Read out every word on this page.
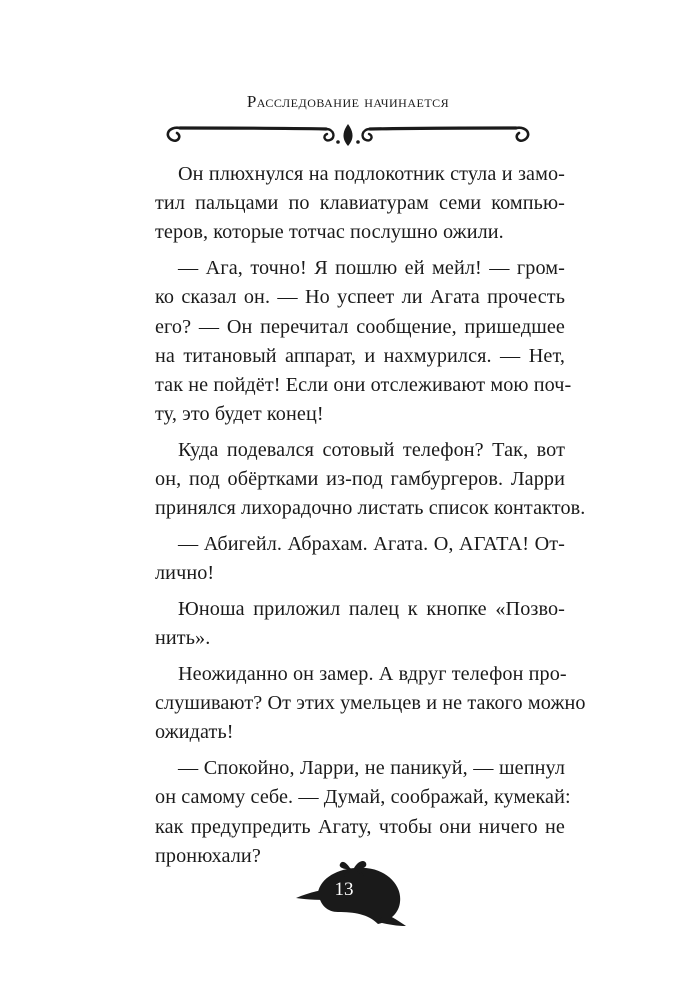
Расследование начинается
Он плюхнулся на подлокотник стула и замо-
тил пальцами по клавиатурам семи компью-
теров, которые тотчас послушно ожили.
— Ага, точно! Я пошлю ей мейл! — гром-
ко сказал он. — Но успеет ли Агата прочесть
его? — Он перечитал сообщение, пришедшее
на титановый аппарат, и нахмурился. — Нет,
так не пойдёт! Если они отслеживают мою поч-
ту, это будет конец!
Куда подевался сотовый телефон? Так, вот
он, под обёртками из-под гамбургеров. Ларри
принялся лихорадочно листать список контактов.
— Абигейл. Абрахам. Агата. О, АГАТА! От-
лично!
Юноша приложил палец к кнопке «Позво-
нить».
Неожиданно он замер. А вдруг телефон про-
слушивают? От этих умельцев и не такого можно
ожидать!
— Спокойно, Ларри, не паникуй, — шепнул
он самому себе. — Думай, соображай, кумекай:
как предупредить Агату, чтобы они ничего не
пронюхали?
13
